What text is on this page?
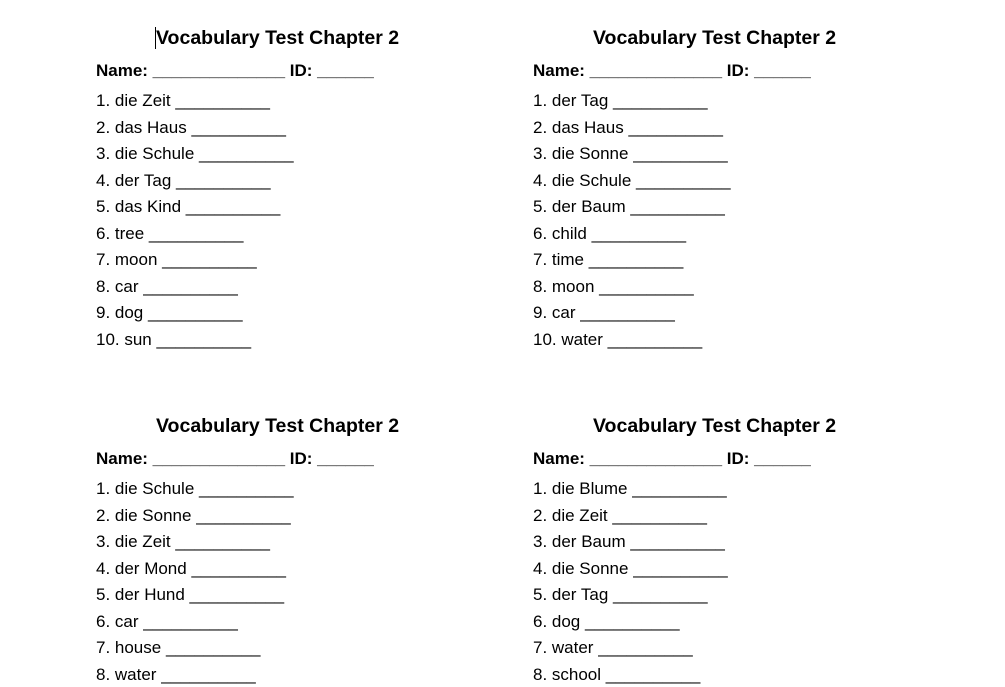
Vocabulary Test Chapter 2
Name: ______________ ID: ______
1. die Zeit __________
2. das Haus __________
3. die Schule __________
4. der Tag __________
5. das Kind __________
6. tree __________
7. moon __________
8. car __________
9. dog __________
10. sun __________
Vocabulary Test Chapter 2
Name: ______________ ID: ______
1. der Tag __________
2. das Haus __________
3. die Sonne __________
4. die Schule __________
5. der Baum __________
6. child __________
7. time __________
8. moon __________
9. car __________
10. water __________
Vocabulary Test Chapter 2
Name: ______________ ID: ______
1. die Schule __________
2. die Sonne __________
3. die Zeit __________
4. der Mond __________
5. der Hund __________
6. car __________
7. house __________
8. water __________
Vocabulary Test Chapter 2
Name: ______________ ID: ______
1. die Blume __________
2. die Zeit __________
3. der Baum __________
4. die Sonne __________
5. der Tag __________
6. dog __________
7. water __________
8. school __________
